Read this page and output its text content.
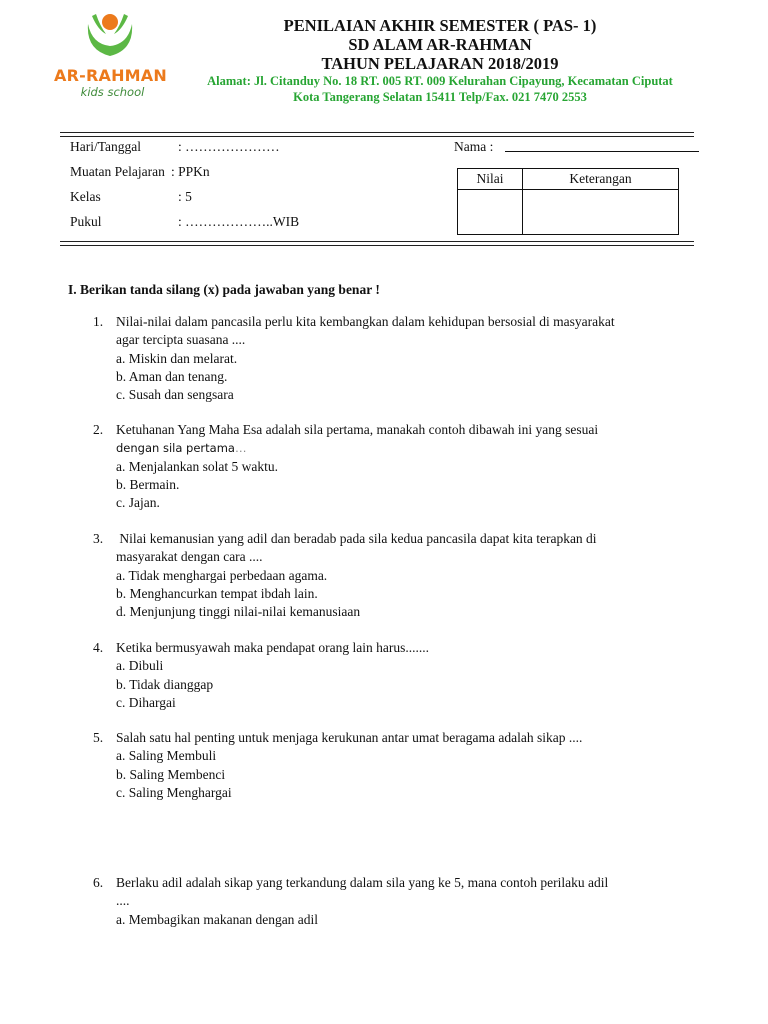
AR-RAHMAN
kids school
PENILAIAN AKHIR SEMESTER ( PAS- 1)
SD ALAM AR-RAHMAN
TAHUN PELAJARAN 2018/2019
Alamat: Jl. Citanduy No. 18 RT. 005 RT. 009 Kelurahan Cipayung, Kecamatan Ciputat
Kota Tangerang Selatan 15411 Telp/Fax. 021 7470 2553
Hari/Tanggal	: …………………	Nama :
Muatan Pelajaran : PPKn
Kelas	: 5
Pukul	: ………………..WIB
Nilai	Keterangan

I. Berikan tanda silang (x) pada jawaban yang benar !
1. Nilai-nilai dalam pancasila perlu kita kembangkan dalam kehidupan bersosial di masyarakat
agar tercipta suasana ....
a. Miskin dan melarat.
b. Aman dan tenang.
c. Susah dan sengsara
2. Ketuhanan Yang Maha Esa adalah sila pertama, manakah contoh dibawah ini yang sesuai
dengan sila pertama…
a. Menjalankan solat 5 waktu.
b. Bermain.
c. Jajan.
3. Nilai kemanusian yang adil dan beradab pada sila kedua pancasila dapat kita terapkan di
masyarakat dengan cara ....
a. Tidak menghargai perbedaan agama.
b. Menghancurkan tempat ibdah lain.
d. Menjunjung tinggi nilai-nilai kemanusiaan
4. Ketika bermusyawah maka pendapat orang lain harus.......
a. Dibuli
b. Tidak dianggap
c. Dihargai
5. Salah satu hal penting untuk menjaga kerukunan antar umat beragama adalah sikap ....
a. Saling Membuli
b. Saling Membenci
c. Saling Menghargai
6. Berlaku adil adalah sikap yang terkandung dalam sila yang ke 5, mana contoh perilaku adil
....
a. Membagikan makanan dengan adil
